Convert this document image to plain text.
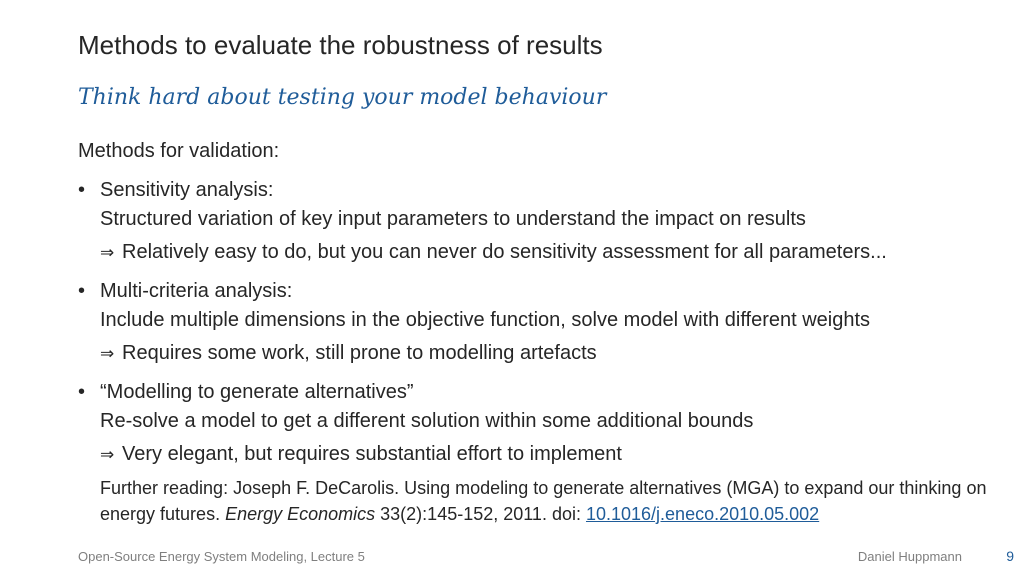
Methods to evaluate the robustness of results
Think hard about testing your model behaviour
Methods for validation:
• Sensitivity analysis:
Structured variation of key input parameters to understand the impact on results
⇒ Relatively easy to do, but you can never do sensitivity assessment for all parameters...
• Multi-criteria analysis:
Include multiple dimensions in the objective function, solve model with different weights
⇒ Requires some work, still prone to modelling artefacts
• “Modelling to generate alternatives”
Re-solve a model to get a different solution within some additional bounds
⇒ Very elegant, but requires substantial effort to implement
Further reading: Joseph F. DeCarolis. Using modeling to generate alternatives (MGA) to expand our thinking on energy futures. Energy Economics 33(2):145-152, 2011. doi: 10.1016/j.eneco.2010.05.002
Open-Source Energy System Modeling, Lecture 5	Daniel Huppmann	9
